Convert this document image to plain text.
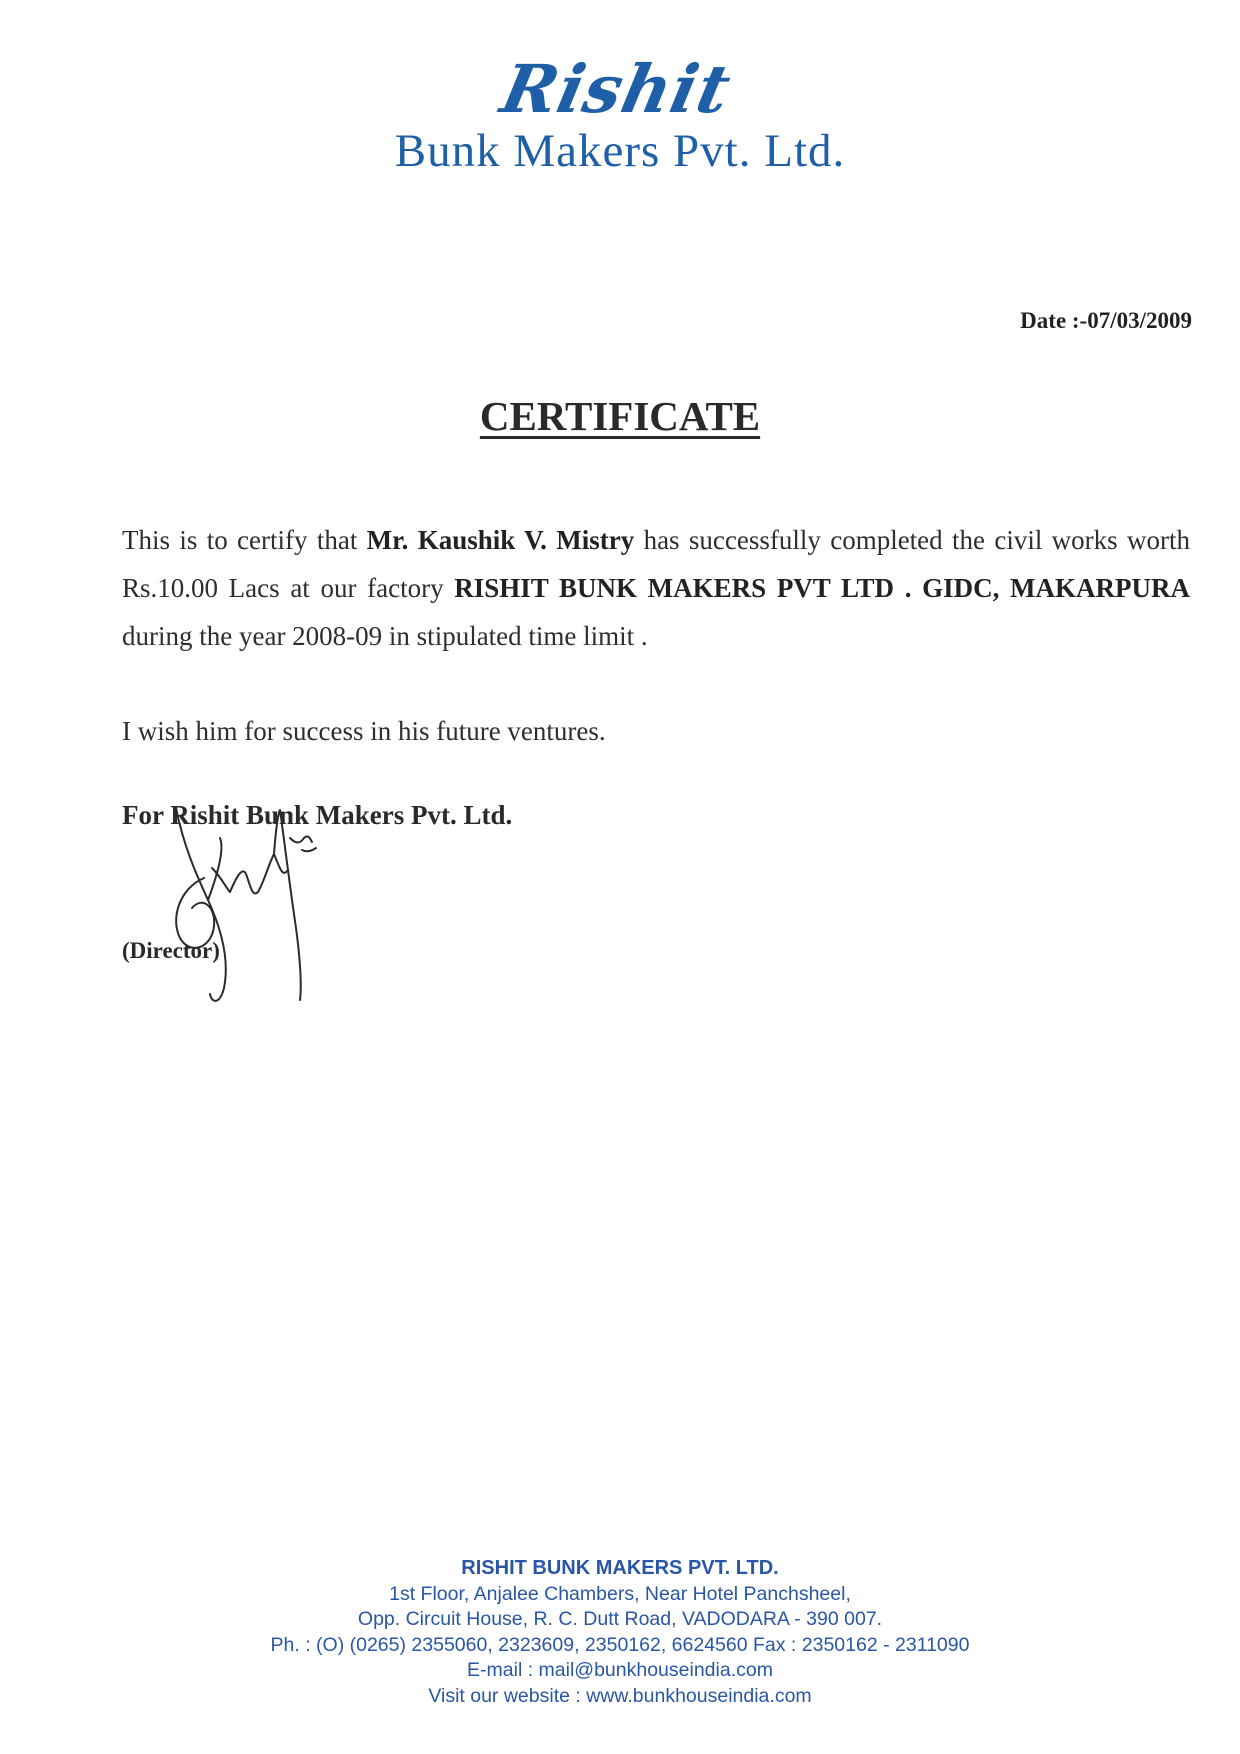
Rishit
Bunk Makers Pvt. Ltd.
Date :-07/03/2009
CERTIFICATE
This is to certify that Mr. Kaushik V. Mistry has successfully completed the civil works worth Rs.10.00 Lacs at our factory RISHIT BUNK MAKERS PVT LTD . GIDC, MAKARPURA during the year 2008-09 in stipulated time limit .
I wish him for success in his future ventures.
For Rishit Bunk Makers Pvt. Ltd.
(Director)
RISHIT BUNK MAKERS PVT. LTD.
1st Floor, Anjalee Chambers, Near Hotel Panchsheel,
Opp. Circuit House, R. C. Dutt Road, VADODARA - 390 007.
Ph. : (O) (0265) 2355060, 2323609, 2350162, 6624560 Fax : 2350162 - 2311090
E-mail : mail@bunkhouseindia.com
Visit our website : www.bunkhouseindia.com
